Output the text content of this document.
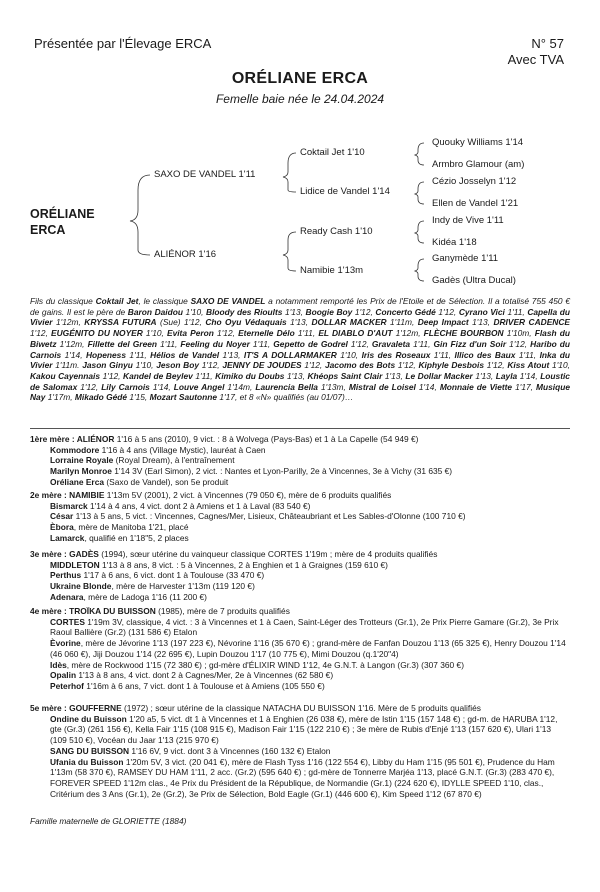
Présentée par l'Élevage ERCA	N° 57
Avec TVA
ORÉLIANE ERCA
Femelle baie née le 24.04.2024
ORÉLIANE
ERCA
SAXO DE VANDEL 1'11
ALIÉNOR 1'16
Coktail Jet 1'10
Lidice de Vandel 1'14
Ready Cash 1'10
Namibie 1'13m
Quouky Williams 1'14
Armbro Glamour (am)
Cézio Josselyn 1'12
Ellen de Vandel 1'21
Indy de Vive 1'11
Kidéa 1'18
Ganymède 1'11
Gadès (Ultra Ducal)
Fils du classique Coktail Jet, le classique SAXO DE VANDEL a notamment remporté les Prix de l'Etoile et de Sélection. Il a totalisé 755 450 € de gains. Il est le père de Baron Daidou 1'10, Bloody des Rioults 1'13, Boogie Boy 1'12, Concerto Gédé 1'12, Cyrano Vici 1'11, Capella du Vivier 1'12m, KRYSSA FUTURA (Sue) 1'12, Cho Oyu Védaquais 1'13, DOLLAR MACKER 1'11m, Deep Impact 1'13, DRIVER CADENCE 1'12, EUGÉNITO DU NOYER 1'10, Evita Peron 1'12, Eternelle Délo 1'11, EL DIABLO D'AUT 1'12m, FLÈCHE BOURBON 1'10m, Flash du Biwetz 1'12m, Fillette del Green 1'11, Feeling du Noyer 1'11, Gepetto de Godrel 1'12, Gravaleta 1'11, Gin Fizz d'un Soir 1'12, Haribo du Carnois 1'14, Hopeness 1'11, Hélios de Vandel 1'13, IT'S A DOLLARMAKER 1'10, Iris des Roseaux 1'11, Illico des Baux 1'11, Inka du Vivier 1'11m. Jason Ginyu 1'10, Jeson Boy 1'12, JENNY DE JOUDES 1'12, Jacomo des Bots 1'12, Kiphyle Desbois 1'12, Kiss Atout 1'10, Kakou Cayennais 1'12, Kandel de Beylev 1'11, Kimiko du Doubs 1'13, Khéops Saint Clair 1'13, Le Dollar Macker 1'13, Layla 1'14, Loustic de Salomax 1'12, Lily Carnois 1'14, Louve Angel 1'14m, Laurencia Bella 1'13m, Mistral de Loisel 1'14, Monnaie de Viette 1'17, Musique Nay 1'17m, Mikado Gédé 1'15, Mozart Sautonne 1'17, et 8 «N» qualifiés (au 01/07)…
1ère mère : ALIÉNOR 1'16 à 5 ans (2010), 9 vict. : 8 à Wolvega (Pays-Bas) et 1 à La Capelle (54 949 €)
Kommodore 1'16 à 4 ans (Village Mystic), lauréat à Caen
Lorraine Royale (Royal Dream), à l'entraînement
Marilyn Monroe 1'14 3V (Earl Simon), 2 vict. : Nantes et Lyon-Parilly, 2e à Vincennes, 3e à Vichy (31 635 €)
Oréliane Erca (Saxo de Vandel), son 5e produit
2e mère : NAMIBIE 1'13m 5V (2001), 2 vict. à Vincennes (79 050 €), mère de 6 produits qualifiés
Bismarck 1'14 à 4 ans, 4 vict. dont 2 à Amiens et 1 à Laval (83 540 €)
César 1'13 à 5 ans, 5 vict. : Vincennes, Cagnes/Mer, Lisieux, Châteaubriant et Les Sables-d'Olonne (100 710 €)
Èbora, mère de Manitoba 1'21, placé
Lamarck, qualifié en 1'18"5, 2 places
3e mère : GADÈS (1994), sœur utérine du vainqueur classique CORTES 1'19m ; mère de 4 produits qualifiés
MIDDLETON 1'13 à 8 ans, 8 vict. : 5 à Vincennes, 2 à Enghien et 1 à Graignes (159 610 €)
Perthus 1'17 à 6 ans, 6 vict. dont 1 à Toulouse (33 470 €)
Ukraine Blonde, mère de Harvester 1'13m (119 120 €)
Adenara, mère de Ladoga 1'16 (11 200 €)
4e mère : TROÏKA DU BUISSON (1985), mère de 7 produits qualifiés
CORTES 1'19m 3V, classique, 4 vict. : 3 à Vincennes et 1 à Caen, Saint-Léger des Trotteurs (Gr.1), 2e Prix Pierre Gamare (Gr.2), 3e Prix Raoul Ballière (Gr.2) (131 586 €) Etalon
Èvorine, mère de Jévorine 1'13 (197 223 €), Névorine 1'16 (35 670 €) ; grand-mère de Fanfan Douzou 1'13 (65 325 €), Henry Douzou 1'14 (46 060 €), Jiji Douzou 1'14 (22 695 €), Lupin Douzou 1'17 (10 775 €), Mimi Douzou (q.1'20"4)
Idès, mère de Rockwood 1'15 (72 380 €) ; gd-mère d'ÉLIXIR WIND 1'12, 4e G.N.T. à Langon (Gr.3) (307 360 €)
Opalin 1'13 à 8 ans, 4 vict. dont 2 à Cagnes/Mer, 2e à Vincennes (62 580 €)
Peterhof 1'16m à 6 ans, 7 vict. dont 1 à Toulouse et à Amiens (105 550 €)
5e mère : GOUFFERNE (1972) ; sœur utérine de la classique NATACHA DU BUISSON 1'16. Mère de 5 produits qualifiés
Ondine du Buisson 1'20 a5, 5 vict. dt 1 à Vincennes et 1 à Enghien (26 038 €), mère de Istin 1'15 (157 148 €) ; gd-m. de HARUBA 1'12, gte (Gr.3) (261 156 €), Kella Fair 1'15 (108 915 €), Madison Fair 1'15 (122 210 €) ; 3e mère de Rubis d'Enjé 1'13 (157 620 €), Ulari 1'13 (109 510 €), Vocéan du Jaar 1'13 (215 970 €)
SANG DU BUISSON 1'16 6V, 9 vict. dont 3 à Vincennes (160 132 €) Etalon
Ufania du Buisson 1'20m 5V, 3 vict. (20 041 €), mère de Flash Tyss 1'16 (122 554 €), Libby du Ham 1'15 (95 501 €), Prudence du Ham 1'13m (58 370 €), RAMSEY DU HAM 1'11, 2 acc. (Gr.2) (595 640 €) ; gd-mère de Tonnerre Marjéa 1'13, placé G.N.T. (Gr.3) (283 470 €), FOREVER SPEED 1'12m clas., 4e Prix du Président de la République, de Normandie (Gr.1) (224 620 €), IDYLLE SPEED 1'10, clas., Critérium des 3 Ans (Gr.1), 2e (Gr.2), 3e Prix de Sélection, Bold Eagle (Gr.1) (446 600 €), Kim Speed 1'12 (67 870 €)
Famille maternelle de GLORIETTE (1884)
